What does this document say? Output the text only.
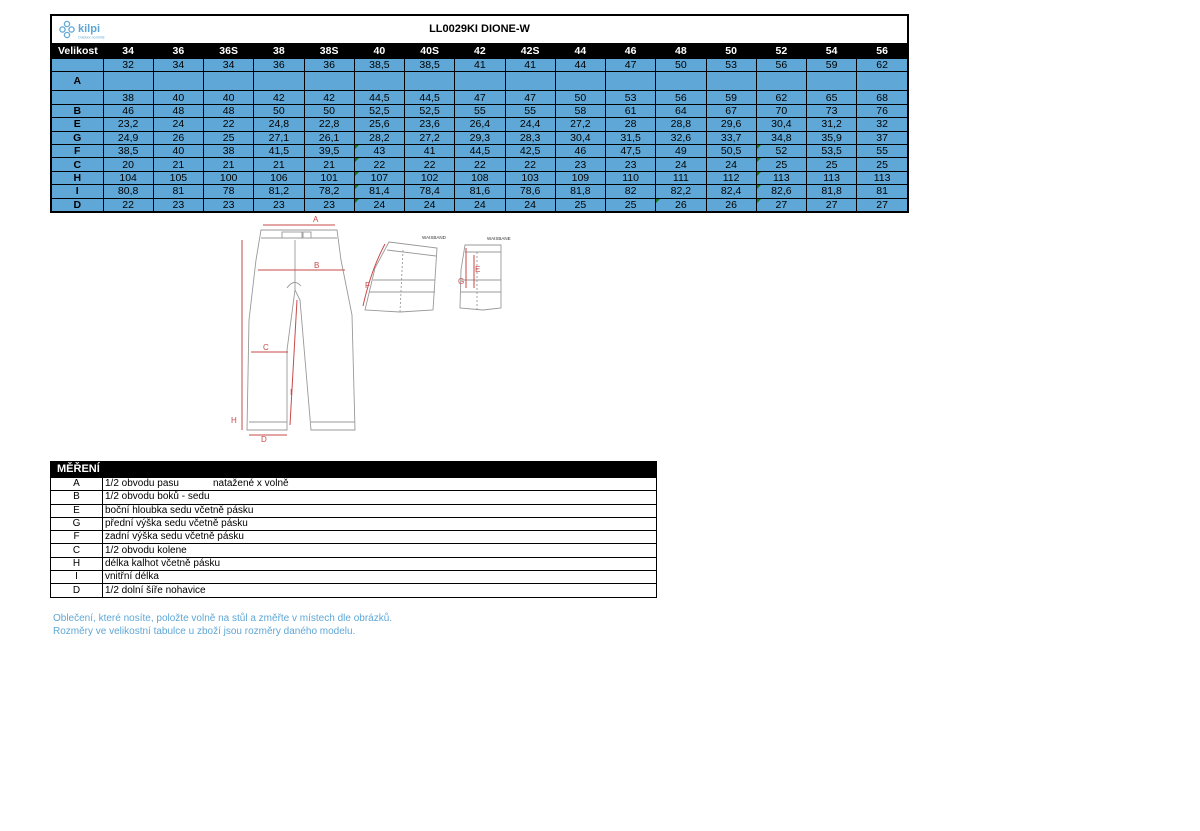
kilpi
Outdoor no limits
LL0029KI DIONE-W
Velikost	34	36	36S	38	38S	40	40S	42	42S	44	46	48	50	52	54	56
	32	34	34	36	36	38,5	38,5	41	41	44	47	50	53	56	59	62
A																
	38	40	40	42	42	44,5	44,5	47	47	50	53	56	59	62	65	68
B	46	48	48	50	50	52,5	52,5	55	55	58	61	64	67	70	73	76
E	23,2	24	22	24,8	22,8	25,6	23,6	26,4	24,4	27,2	28	28,8	29,6	30,4	31,2	32
G	24,9	26	25	27,1	26,1	28,2	27,2	29,3	28,3	30,4	31,5	32,6	33,7	34,8	35,9	37
F	38,5	40	38	41,5	39,5	43	41	44,5	42,5	46	47,5	49	50,5	52	53,5	55
C	20	21	21	21	21	22	22	22	22	23	23	24	24	25	25	25
H	104	105	100	106	101	107	102	108	103	109	110	111	112	113	113	113
I	80,8	81	78	81,2	78,2	81,4	78,4	81,6	78,6	81,8	82	82,2	82,4	82,6	81,8	81
D	22	23	23	23	23	24	24	24	24	25	25	26	26	27	27	27
A
B
C
H
D
I
F
WAISBAND
G
E
WAISBANE
MĚŘENÍ
A	1/2 obvodu pasu natažené x volně
B	1/2 obvodu boků - sedu
E	boční hloubka sedu včetně pásku
G	přední výška sedu včetně pásku
F	zadní výška sedu včetně pásku
C	1/2 obvodu kolene
H	délka kalhot včetně pásku
I	vnitřní délka
D	1/2 dolní šíře nohavice
Oblečení, které nosíte, položte volně na stůl a změřte v místech dle obrázků.
Rozměry ve velikostní tabulce u zboží jsou rozměry daného modelu.
